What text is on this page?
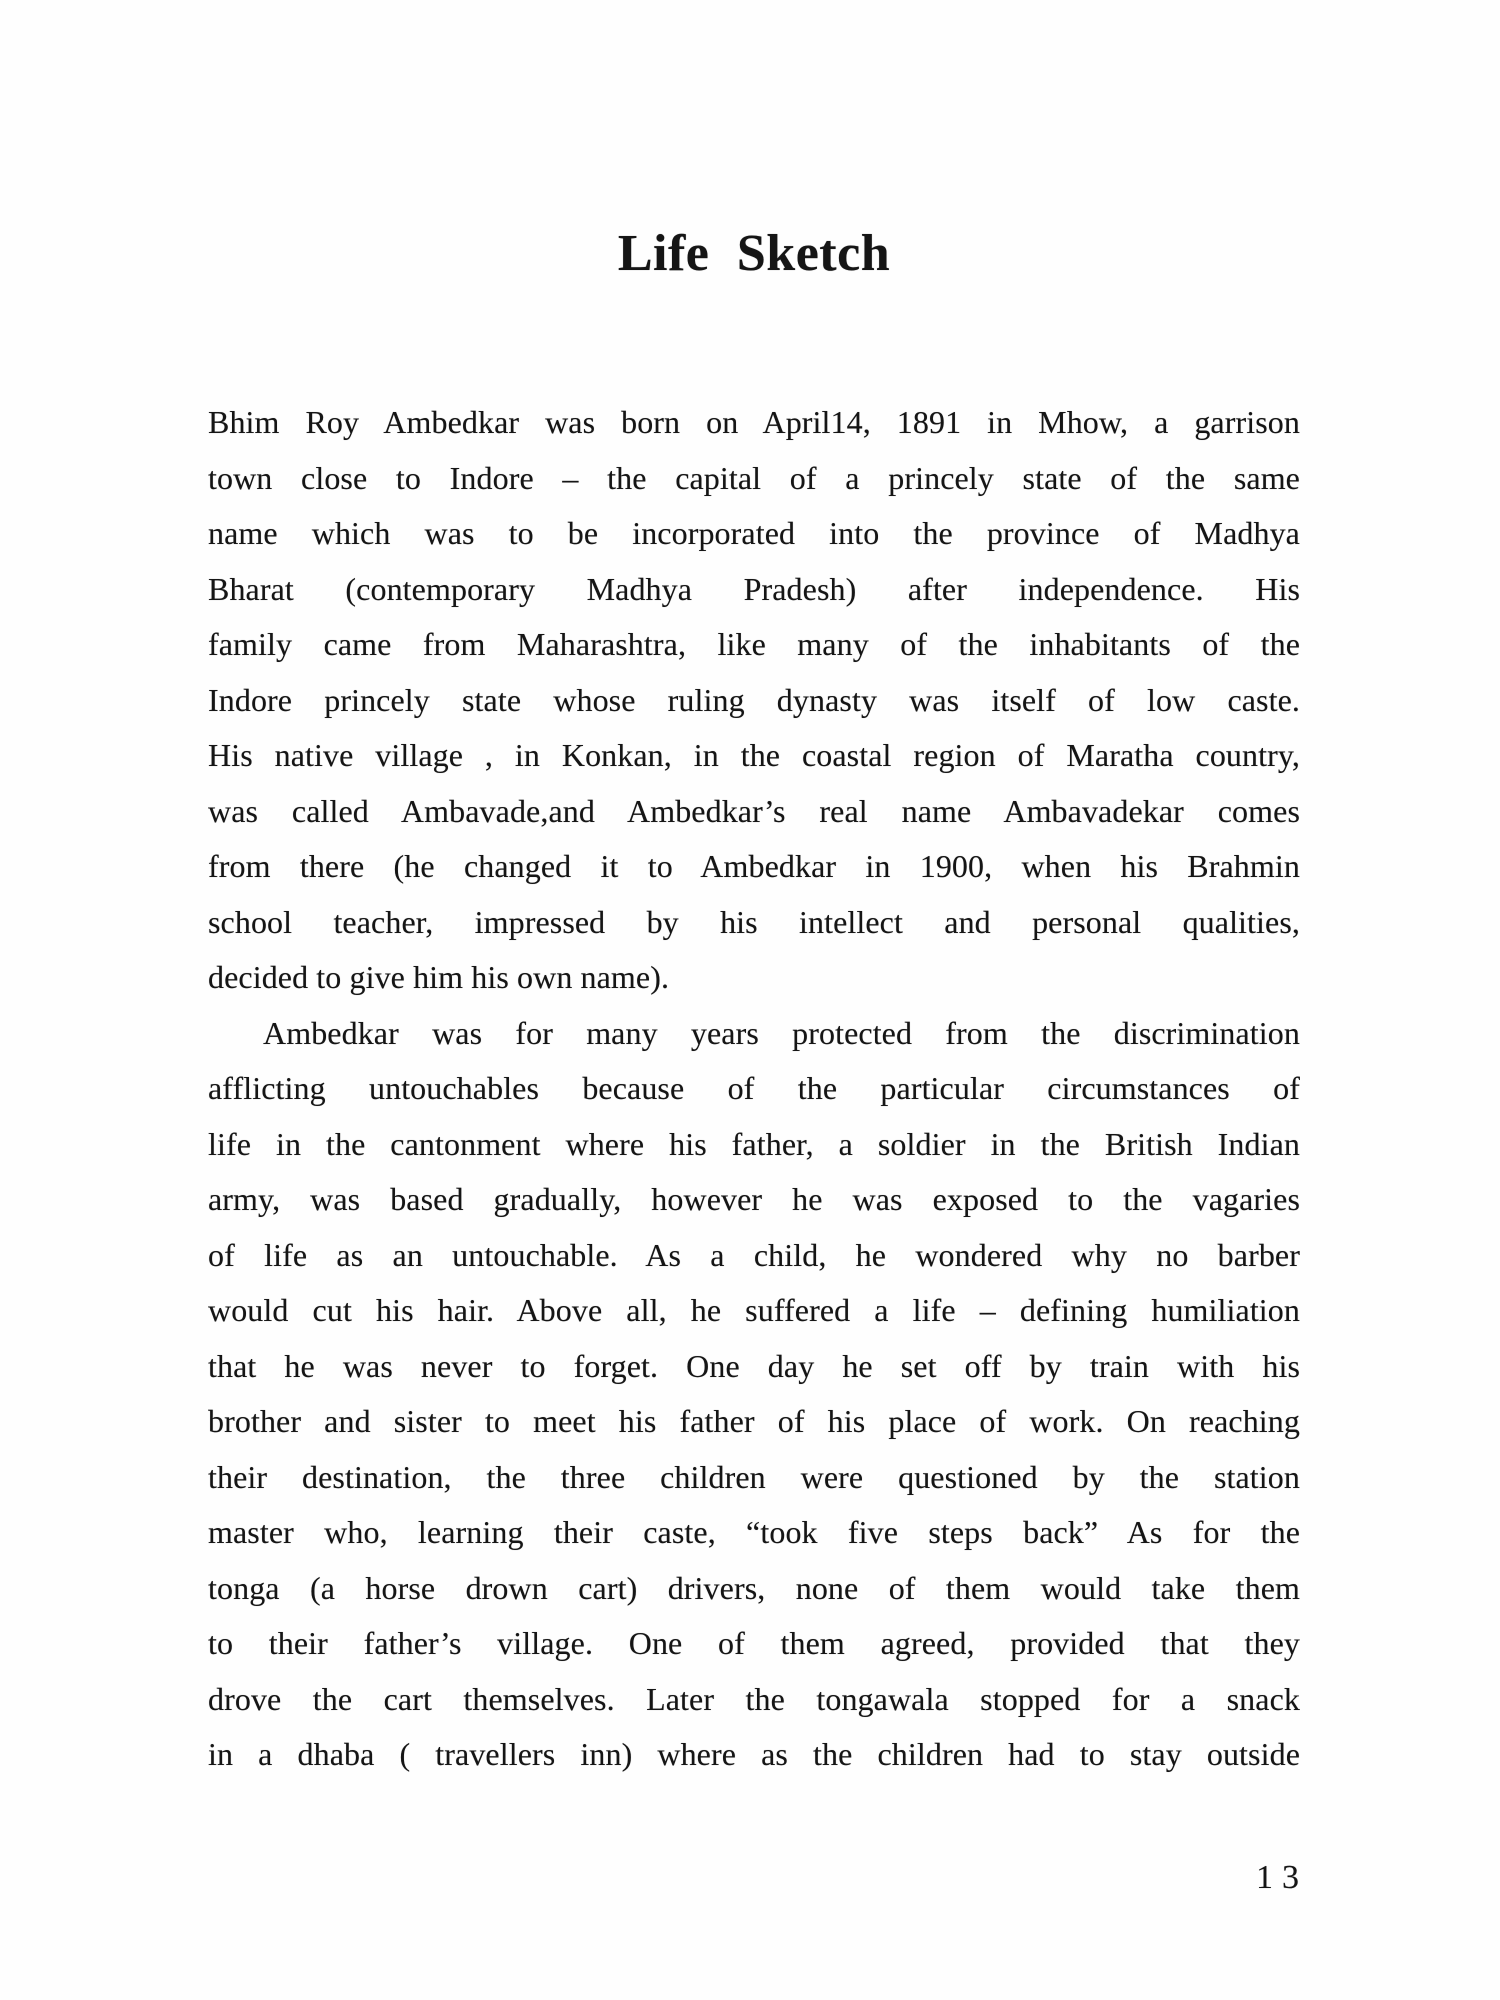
Life Sketch
Bhim Roy Ambedkar was born on April14, 1891 in Mhow, a garrison
town close to Indore – the capital of a princely state of the same
name which was to be incorporated into the province of Madhya
Bharat (contemporary Madhya Pradesh) after independence. His
family came from Maharashtra, like many of the inhabitants of the
Indore princely state whose ruling dynasty was itself of low caste.
His native village , in Konkan, in the coastal region of Maratha country,
was called Ambavade,and Ambedkar’s real name Ambavadekar comes
from there (he changed it to Ambedkar in 1900, when his Brahmin
school teacher, impressed by his intellect and personal qualities,
decided to give him his own name).
Ambedkar was for many years protected from the discrimination
afflicting untouchables because of the particular circumstances of
life in the cantonment where his father, a soldier in the British Indian
army, was based gradually, however he was exposed to the vagaries
of life as an untouchable. As a child, he wondered why no barber
would cut his hair. Above all, he suffered a life – defining humiliation
that he was never to forget. One day he set off by train with his
brother and sister to meet his father of his place of work. On reaching
their destination, the three children were questioned by the station
master who, learning their caste, “took five steps back” As for the
tonga (a horse drown cart) drivers, none of them would take them
to their father’s village. One of them agreed, provided that they
drove the cart themselves. Later the tongawala stopped for a snack
in a dhaba ( travellers inn) where as the children had to stay outside
13
